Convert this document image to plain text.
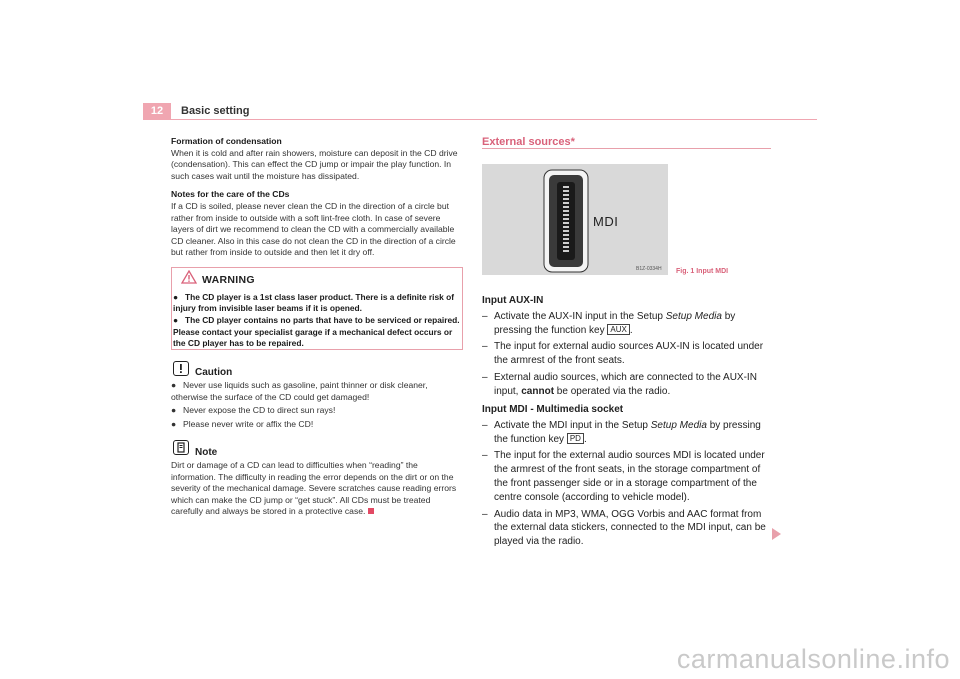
12	Basic setting

Formation of condensation

When it is cold and after rain showers, moisture can deposit in the CD drive (condensation). This can effect the CD jump or impair the play function. In such cases wait until the moisture has dissipated.

Notes for the care of the CDs

If a CD is soiled, please never clean the CD in the direction of a circle but rather from inside to outside with a soft lint-free cloth. In case of severe layers of dirt we recommend to clean the CD with a commercially available CD cleaner. Also in this case do not clean the CD in the direction of a circle but rather from inside to outside and then let it dry off.

WARNING

● The CD player is a 1st class laser product. There is a definite risk of injury from invisible laser beams if it is opened.

● The CD player contains no parts that have to be serviced or repaired. Please contact your specialist garage if a mechanical defect occurs or the CD player has to be repaired.

Caution

● Never use liquids such as gasoline, paint thinner or disk cleaner, otherwise the surface of the CD could get damaged!

● Never expose the CD to direct sun rays!

● Please never write or affix the CD!

Note
Dirt or damage of a CD can lead to difficulties when “reading” the information. The difficulty in reading the error depends on the dirt or on the severity of the mechanical damage. Severe scratches cause reading errors which can make the CD jump or “get stuck”. All CDs must be treated carefully and always be stored in a protective case.
External sources*
MDI
B1Z-0334H Fig. 1 Input MDI
Input AUX-IN
– Activate the AUX-IN input in the Setup Setup Media by pressing the function key AUX .
– The input for external audio sources AUX-IN is located under the armrest of the front seats.
– External audio sources, which are connected to the AUX-IN input, cannot be operated via the radio.
Input MDI - Multimedia socket
– Activate the MDI input in the Setup Setup Media by pressing the function key PD .
– The input for the external audio sources MDI is located under the armrest of the front seats, in the storage compartment of the front passenger side or in a storage compartment of the centre console (according to vehicle model).
– Audio data in MP3, WMA, OGG Vorbis and AAC format from the external data stickers, connected to the MDI input, can be played via the radio.
carmanualsonline.info
